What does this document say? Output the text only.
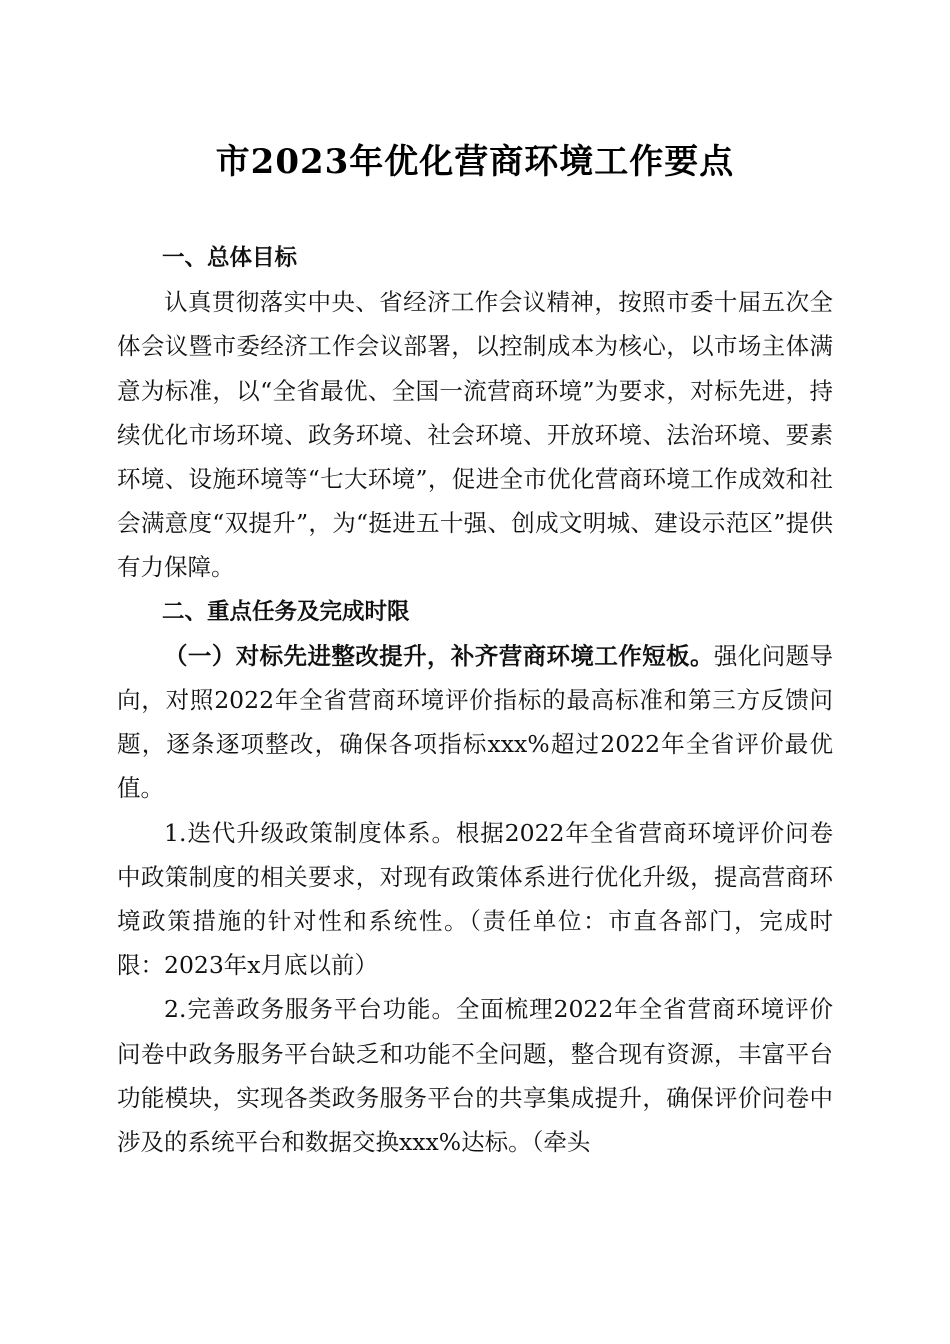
市2023年优化营商环境工作要点

一、总体目标

认真贯彻落实中央、省经济工作会议精神，按照市委十届五次全体会议暨市委经济工作会议部署，以控制成本为核心，以市场主体满意为标准，以“全省最优、全国一流营商环境”为要求，对标先进，持续优化市场环境、政务环境、社会环境、开放环境、法治环境、要素环境、设施环境等“七大环境”，促进全市优化营商环境工作成效和社会满意度“双提升”，为“挺进五十强、创成文明城、建设示范区”提供有力保障。

二、重点任务及完成时限

（一）对标先进整改提升，补齐营商环境工作短板。强化问题导向，对照2022年全省营商环境评价指标的最高标准和第三方反馈问题，逐条逐项整改，确保各项指标xxx%超过2022年全省评价最优值。

1.迭代升级政策制度体系。根据2022年全省营商环境评价问卷中政策制度的相关要求，对现有政策体系进行优化升级，提高营商环境政策措施的针对性和系统性。（责任单位：市直各部门，完成时限：2023年x月底以前）

2.完善政务服务平台功能。全面梳理2022年全省营商环境评价问卷中政务服务平台缺乏和功能不全问题，整合现有资源，丰富平台功能模块，实现各类政务服务平台的共享集成提升，确保评价问卷中涉及的系统平台和数据交换xxx%达标。（牵头
